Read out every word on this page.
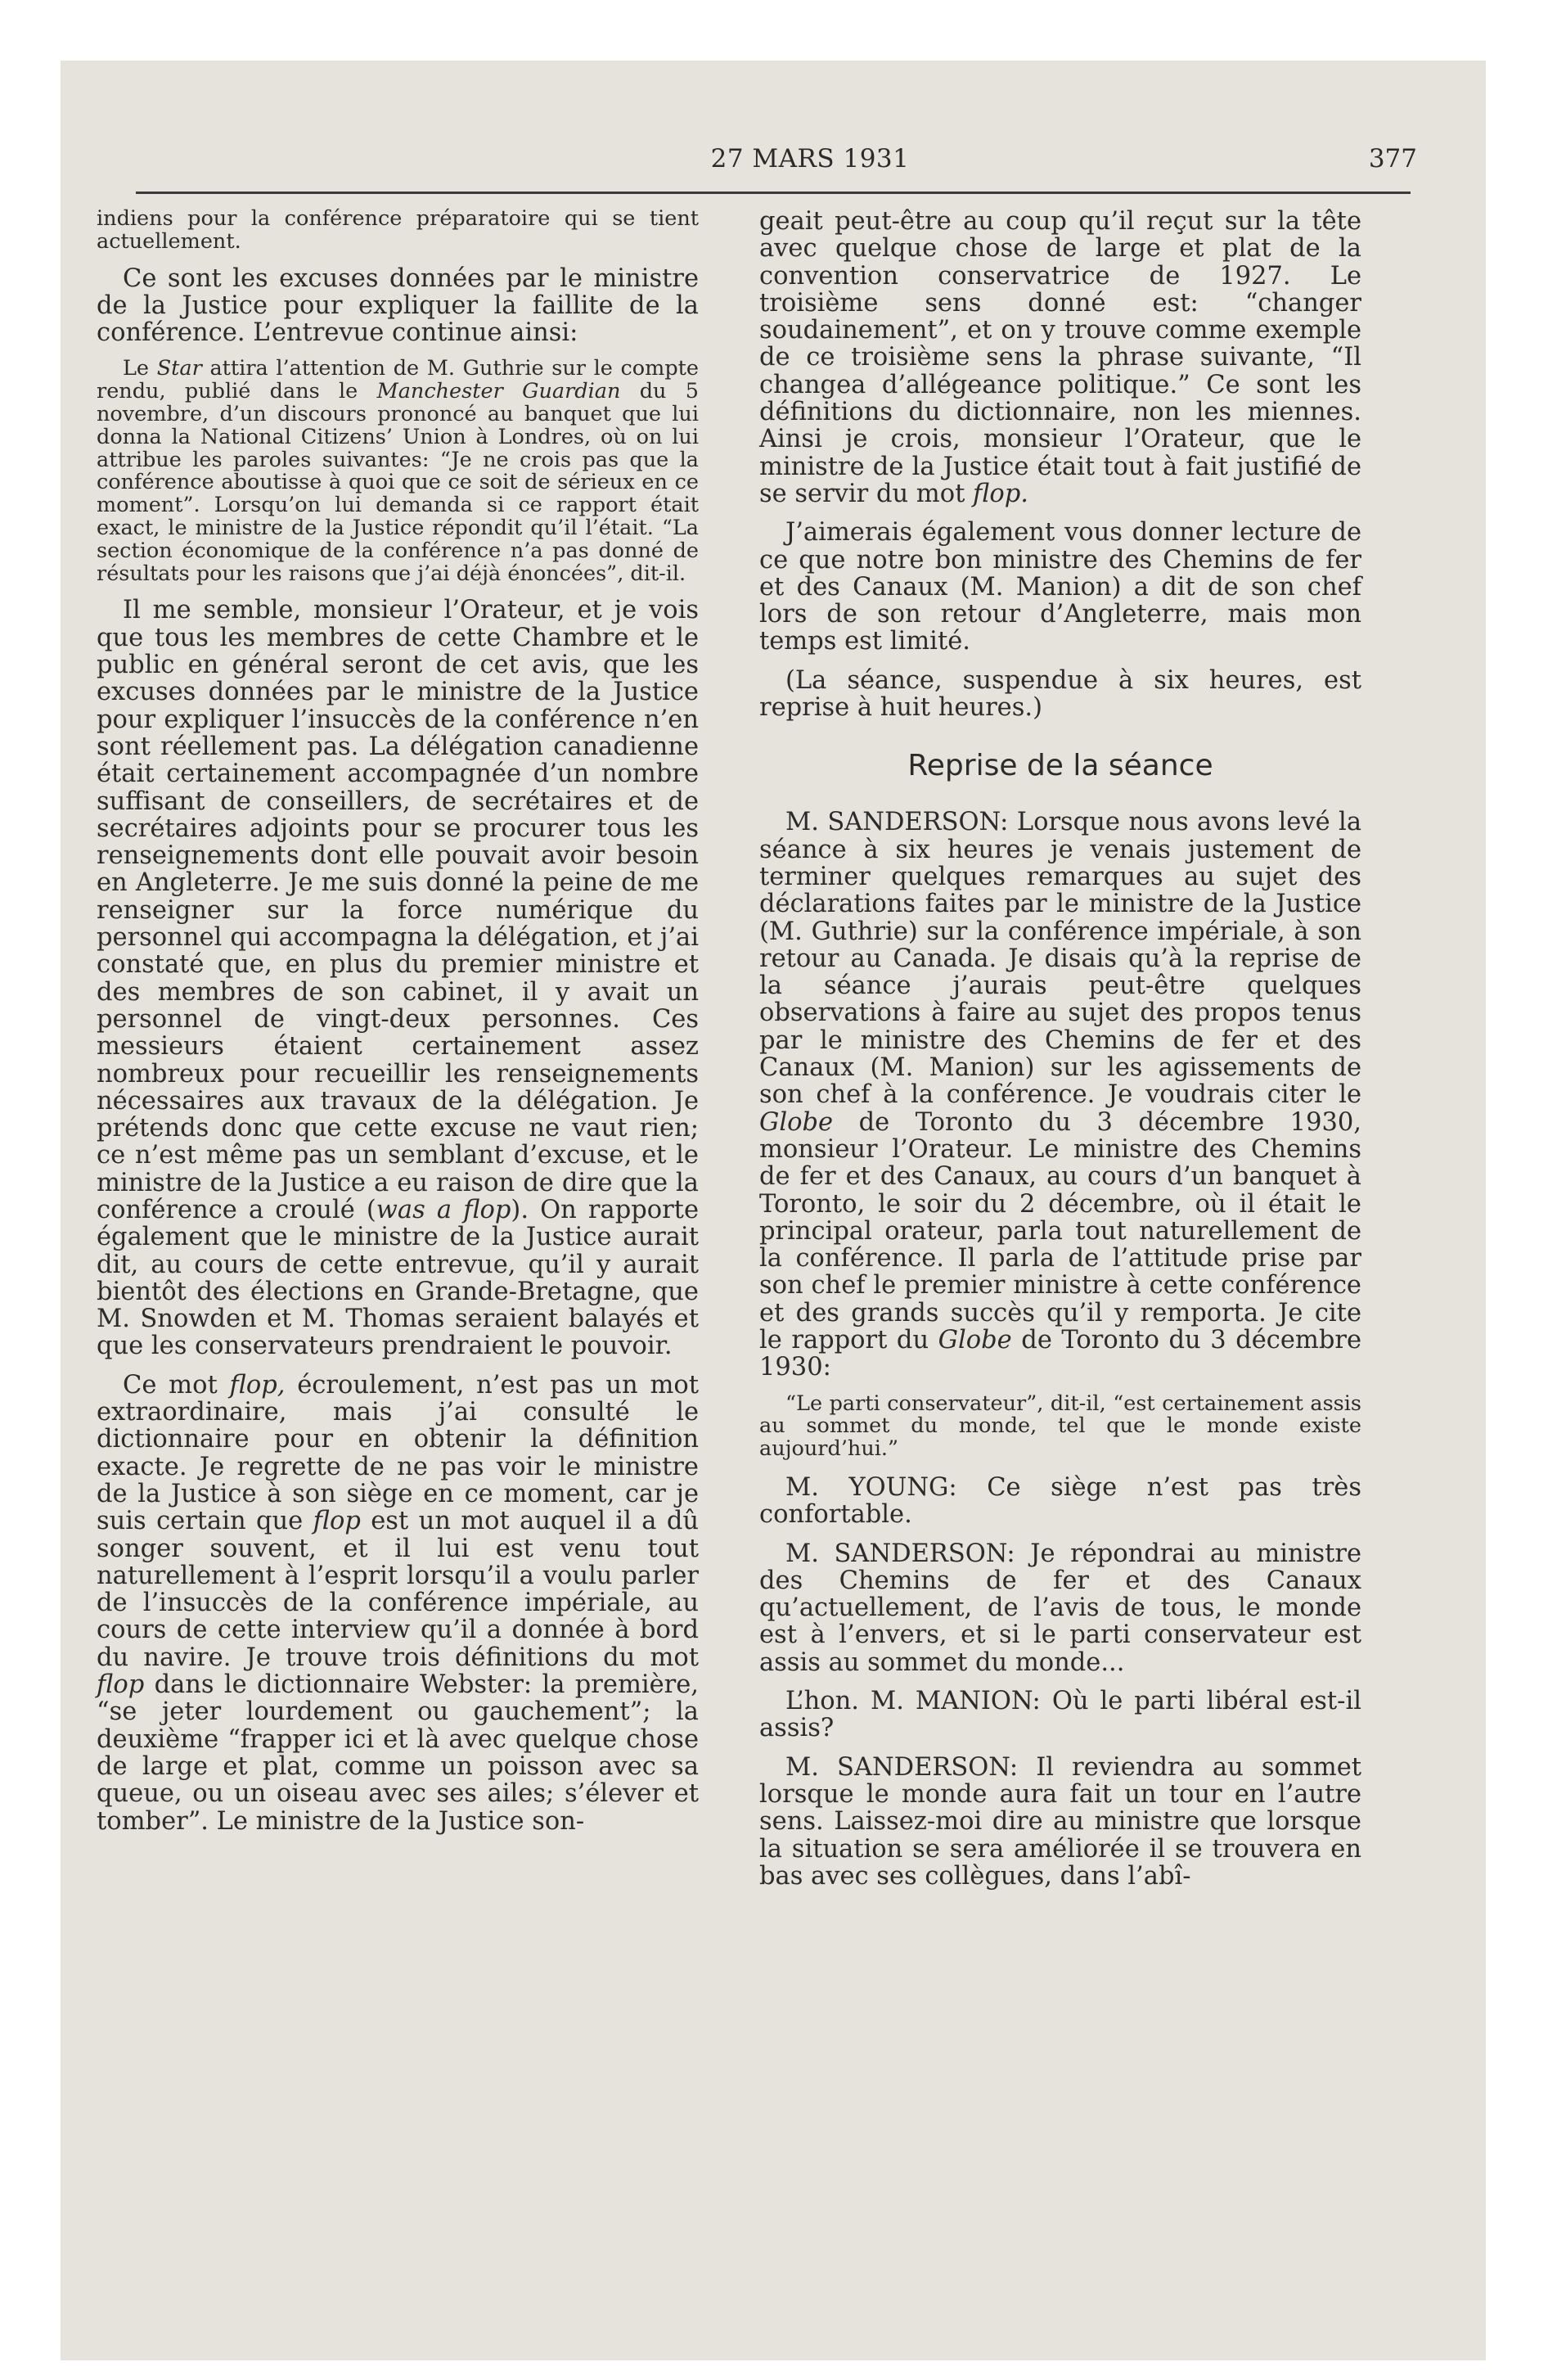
27 MARS 1931	377

indiens pour la conférence préparatoire qui se tient actuellement.

Ce sont les excuses données par le ministre de la Justice pour expliquer la faillite de la conférence. L’entrevue continue ainsi:

Le Star attira l’attention de M. Guthrie sur le compte rendu, publié dans le Manchester Guardian du 5 novembre, d’un discours prononcé au banquet que lui donna la National Citizens’ Union à Londres, où on lui attribue les paroles suivantes: “Je ne crois pas que la conférence aboutisse à quoi que ce soit de sérieux en ce moment”. Lorsqu’on lui demanda si ce rapport était exact, le ministre de la Justice répondit qu’il l’était. “La section économique de la conférence n’a pas donné de résultats pour les raisons que j’ai déjà énoncées”, dit-il.

Il me semble, monsieur l’Orateur, et je vois que tous les membres de cette Chambre et le public en général seront de cet avis, que les excuses données par le ministre de la Justice pour expliquer l’insuccès de la conférence n’en sont réellement pas. La délégation canadienne était certainement accompagnée d’un nombre suffisant de conseillers, de secrétaires et de secrétaires adjoints pour se procurer tous les renseignements dont elle pouvait avoir besoin en Angleterre. Je me suis donné la peine de me renseigner sur la force numérique du personnel qui accompagna la délégation, et j’ai constaté que, en plus du premier ministre et des membres de son cabinet, il y avait un personnel de vingt-deux personnes. Ces messieurs étaient certainement assez nombreux pour recueillir les renseignements nécessaires aux travaux de la délégation. Je prétends donc que cette excuse ne vaut rien; ce n’est même pas un semblant d’excuse, et le ministre de la Justice a eu raison de dire que la conférence a croulé (was a flop). On rapporte également que le ministre de la Justice aurait dit, au cours de cette entrevue, qu’il y aurait bientôt des élections en Grande-Bretagne, que M. Snowden et M. Thomas seraient balayés et que les conservateurs prendraient le pouvoir.

Ce mot flop, écroulement, n’est pas un mot extraordinaire, mais j’ai consulté le dictionnaire pour en obtenir la définition exacte. Je regrette de ne pas voir le ministre de la Justice à son siège en ce moment, car je suis certain que flop est un mot auquel il a dû songer souvent, et il lui est venu tout naturellement à l’esprit lorsqu’il a voulu parler de l’insuccès de la conférence impériale, au cours de cette interview qu’il a donnée à bord du navire. Je trouve trois définitions du mot flop dans le dictionnaire Webster: la première, “se jeter lourdement ou gauchement”; la deuxième “frapper ici et là avec quelque chose de large et plat, comme un poisson avec sa queue, ou un oiseau avec ses ailes; s’élever et tomber”. Le ministre de la Justice son-

geait peut-être au coup qu’il reçut sur la tête avec quelque chose de large et plat de la convention conservatrice de 1927. Le troisième sens donné est: “changer soudainement”, et on y trouve comme exemple de ce troisième sens la phrase suivante, “Il changea d’allégeance politique.” Ce sont les définitions du dictionnaire, non les miennes. Ainsi je crois, monsieur l’Orateur, que le ministre de la Justice était tout à fait justifié de se servir du mot flop.

J’aimerais également vous donner lecture de ce que notre bon ministre des Chemins de fer et des Canaux (M. Manion) a dit de son chef lors de son retour d’Angleterre, mais mon temps est limité.

(La séance, suspendue à six heures, est reprise à huit heures.)

Reprise de la séance

M. SANDERSON: Lorsque nous avons levé la séance à six heures je venais justement de terminer quelques remarques au sujet des déclarations faites par le ministre de la Justice (M. Guthrie) sur la conférence impériale, à son retour au Canada. Je disais qu’à la reprise de la séance j’aurais peut-être quelques observations à faire au sujet des propos tenus par le ministre des Chemins de fer et des Canaux (M. Manion) sur les agissements de son chef à la conférence. Je voudrais citer le Globe de Toronto du 3 décembre 1930, monsieur l’Orateur. Le ministre des Chemins de fer et des Canaux, au cours d’un banquet à Toronto, le soir du 2 décembre, où il était le principal orateur, parla tout naturellement de la conférence. Il parla de l’attitude prise par son chef le premier ministre à cette conférence et des grands succès qu’il y remporta. Je cite le rapport du Globe de Toronto du 3 décembre 1930:

“Le parti conservateur”, dit-il, “est certainement assis au sommet du monde, tel que le monde existe aujourd’hui.”

M. YOUNG: Ce siège n’est pas très confortable.

M. SANDERSON: Je répondrai au ministre des Chemins de fer et des Canaux qu’actuellement, de l’avis de tous, le monde est à l’envers, et si le parti conservateur est assis au sommet du monde...

L’hon. M. MANION: Où le parti libéral est-il assis?

M. SANDERSON: Il reviendra au sommet lorsque le monde aura fait un tour en l’autre sens. Laissez-moi dire au ministre que lorsque la situation se sera améliorée il se trouvera en bas avec ses collègues, dans l’abî-
